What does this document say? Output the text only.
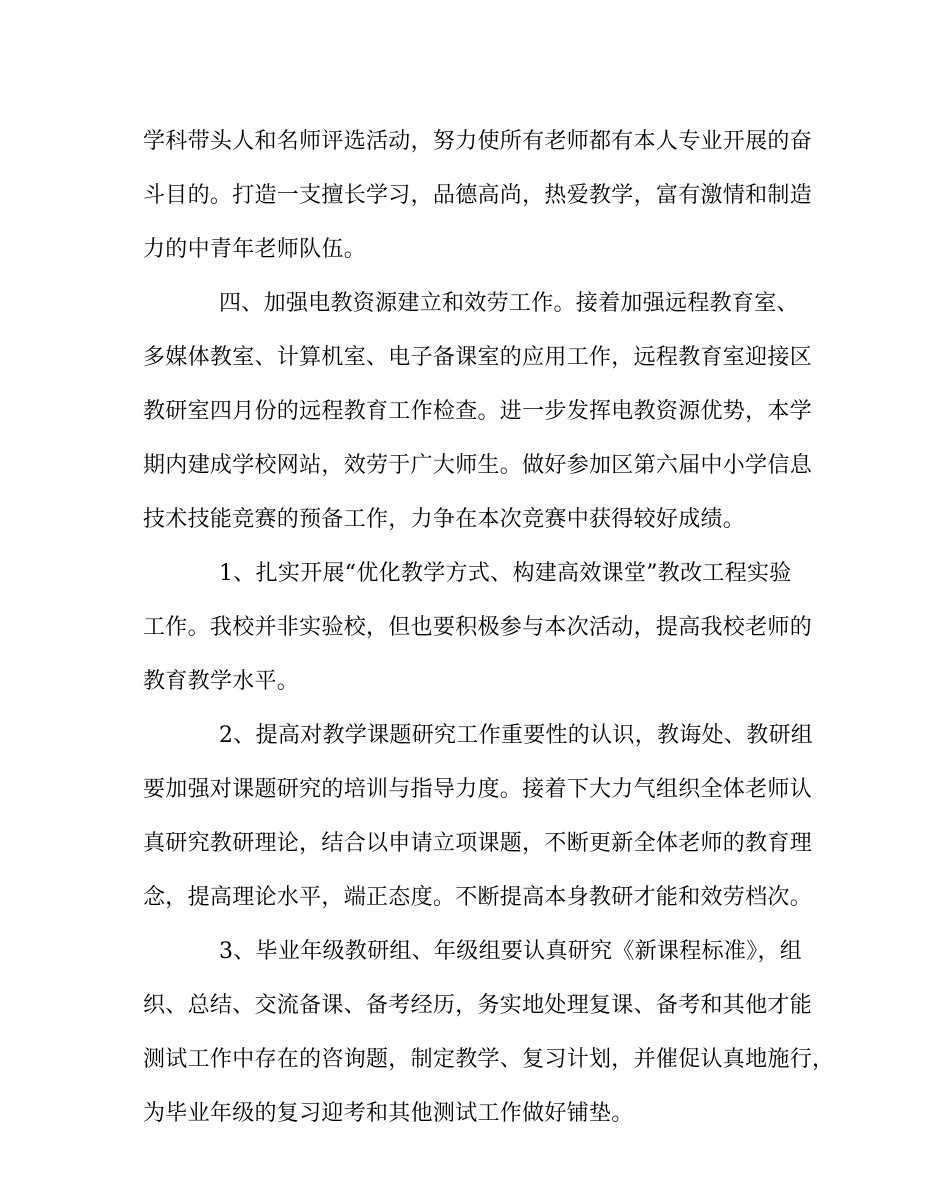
学科带头人和名师评选活动，努力使所有老师都有本人专业开展的奋
斗目的。打造一支擅长学习，品德高尚，热爱教学，富有激情和制造
力的中青年老师队伍。
四、加强电教资源建立和效劳工作。接着加强远程教育室、
多媒体教室、计算机室、电子备课室的应用工作，远程教育室迎接区
教研室四月份的远程教育工作检查。进一步发挥电教资源优势，本学
期内建成学校网站，效劳于广大师生。做好参加区第六届中小学信息
技术技能竞赛的预备工作，力争在本次竞赛中获得较好成绩。
1、扎实开展“优化教学方式、构建高效课堂”教改工程实验
工作。我校并非实验校，但也要积极参与本次活动，提高我校老师的
教育教学水平。
2、提高对教学课题研究工作重要性的认识，教诲处、教研组
要加强对课题研究的培训与指导力度。接着下大力气组织全体老师认
真研究教研理论，结合以申请立项课题，不断更新全体老师的教育理
念，提高理论水平，端正态度。不断提高本身教研才能和效劳档次。
3、毕业年级教研组、年级组要认真研究《新课程标准》，组
织、总结、交流备课、备考经历，务实地处理复课、备考和其他才能
测试工作中存在的咨询题，制定教学、复习计划，并催促认真地施行，
为毕业年级的复习迎考和其他测试工作做好铺垫。
